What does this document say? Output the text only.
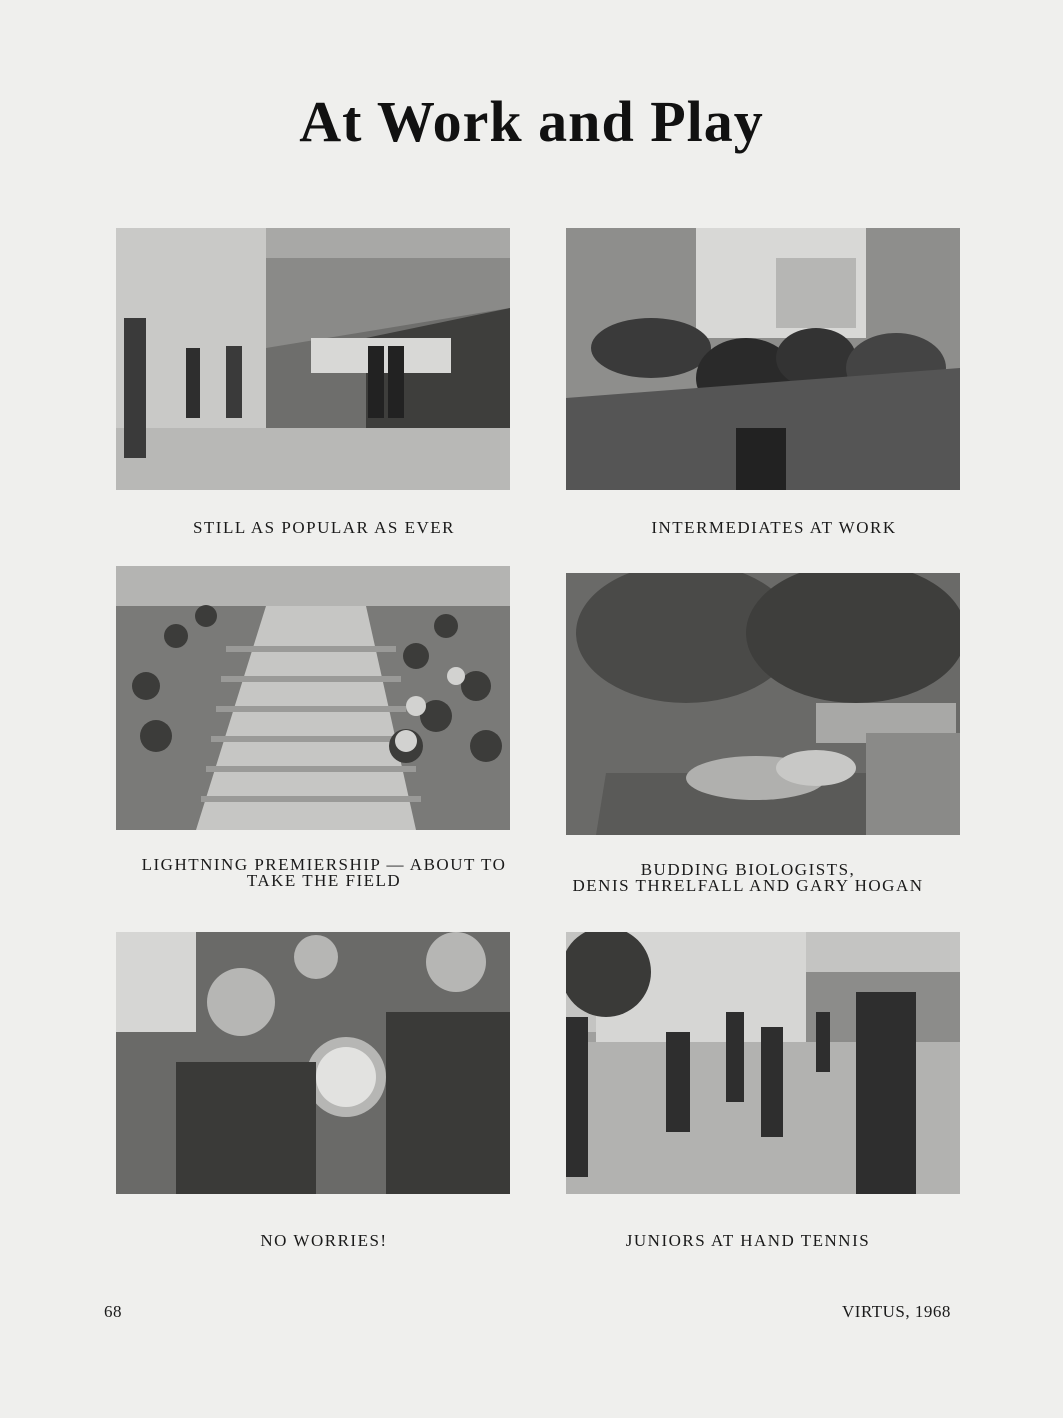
At Work and Play
STILL AS POPULAR AS EVER	INTERMEDIATES AT WORK
LIGHTNING PREMIERSHIP — ABOUT TO
TAKE THE FIELD
BUDDING BIOLOGISTS,
DENIS THRELFALL AND GARY HOGAN
NO WORRIES!	JUNIORS AT HAND TENNIS
68	VIRTUS, 1968
